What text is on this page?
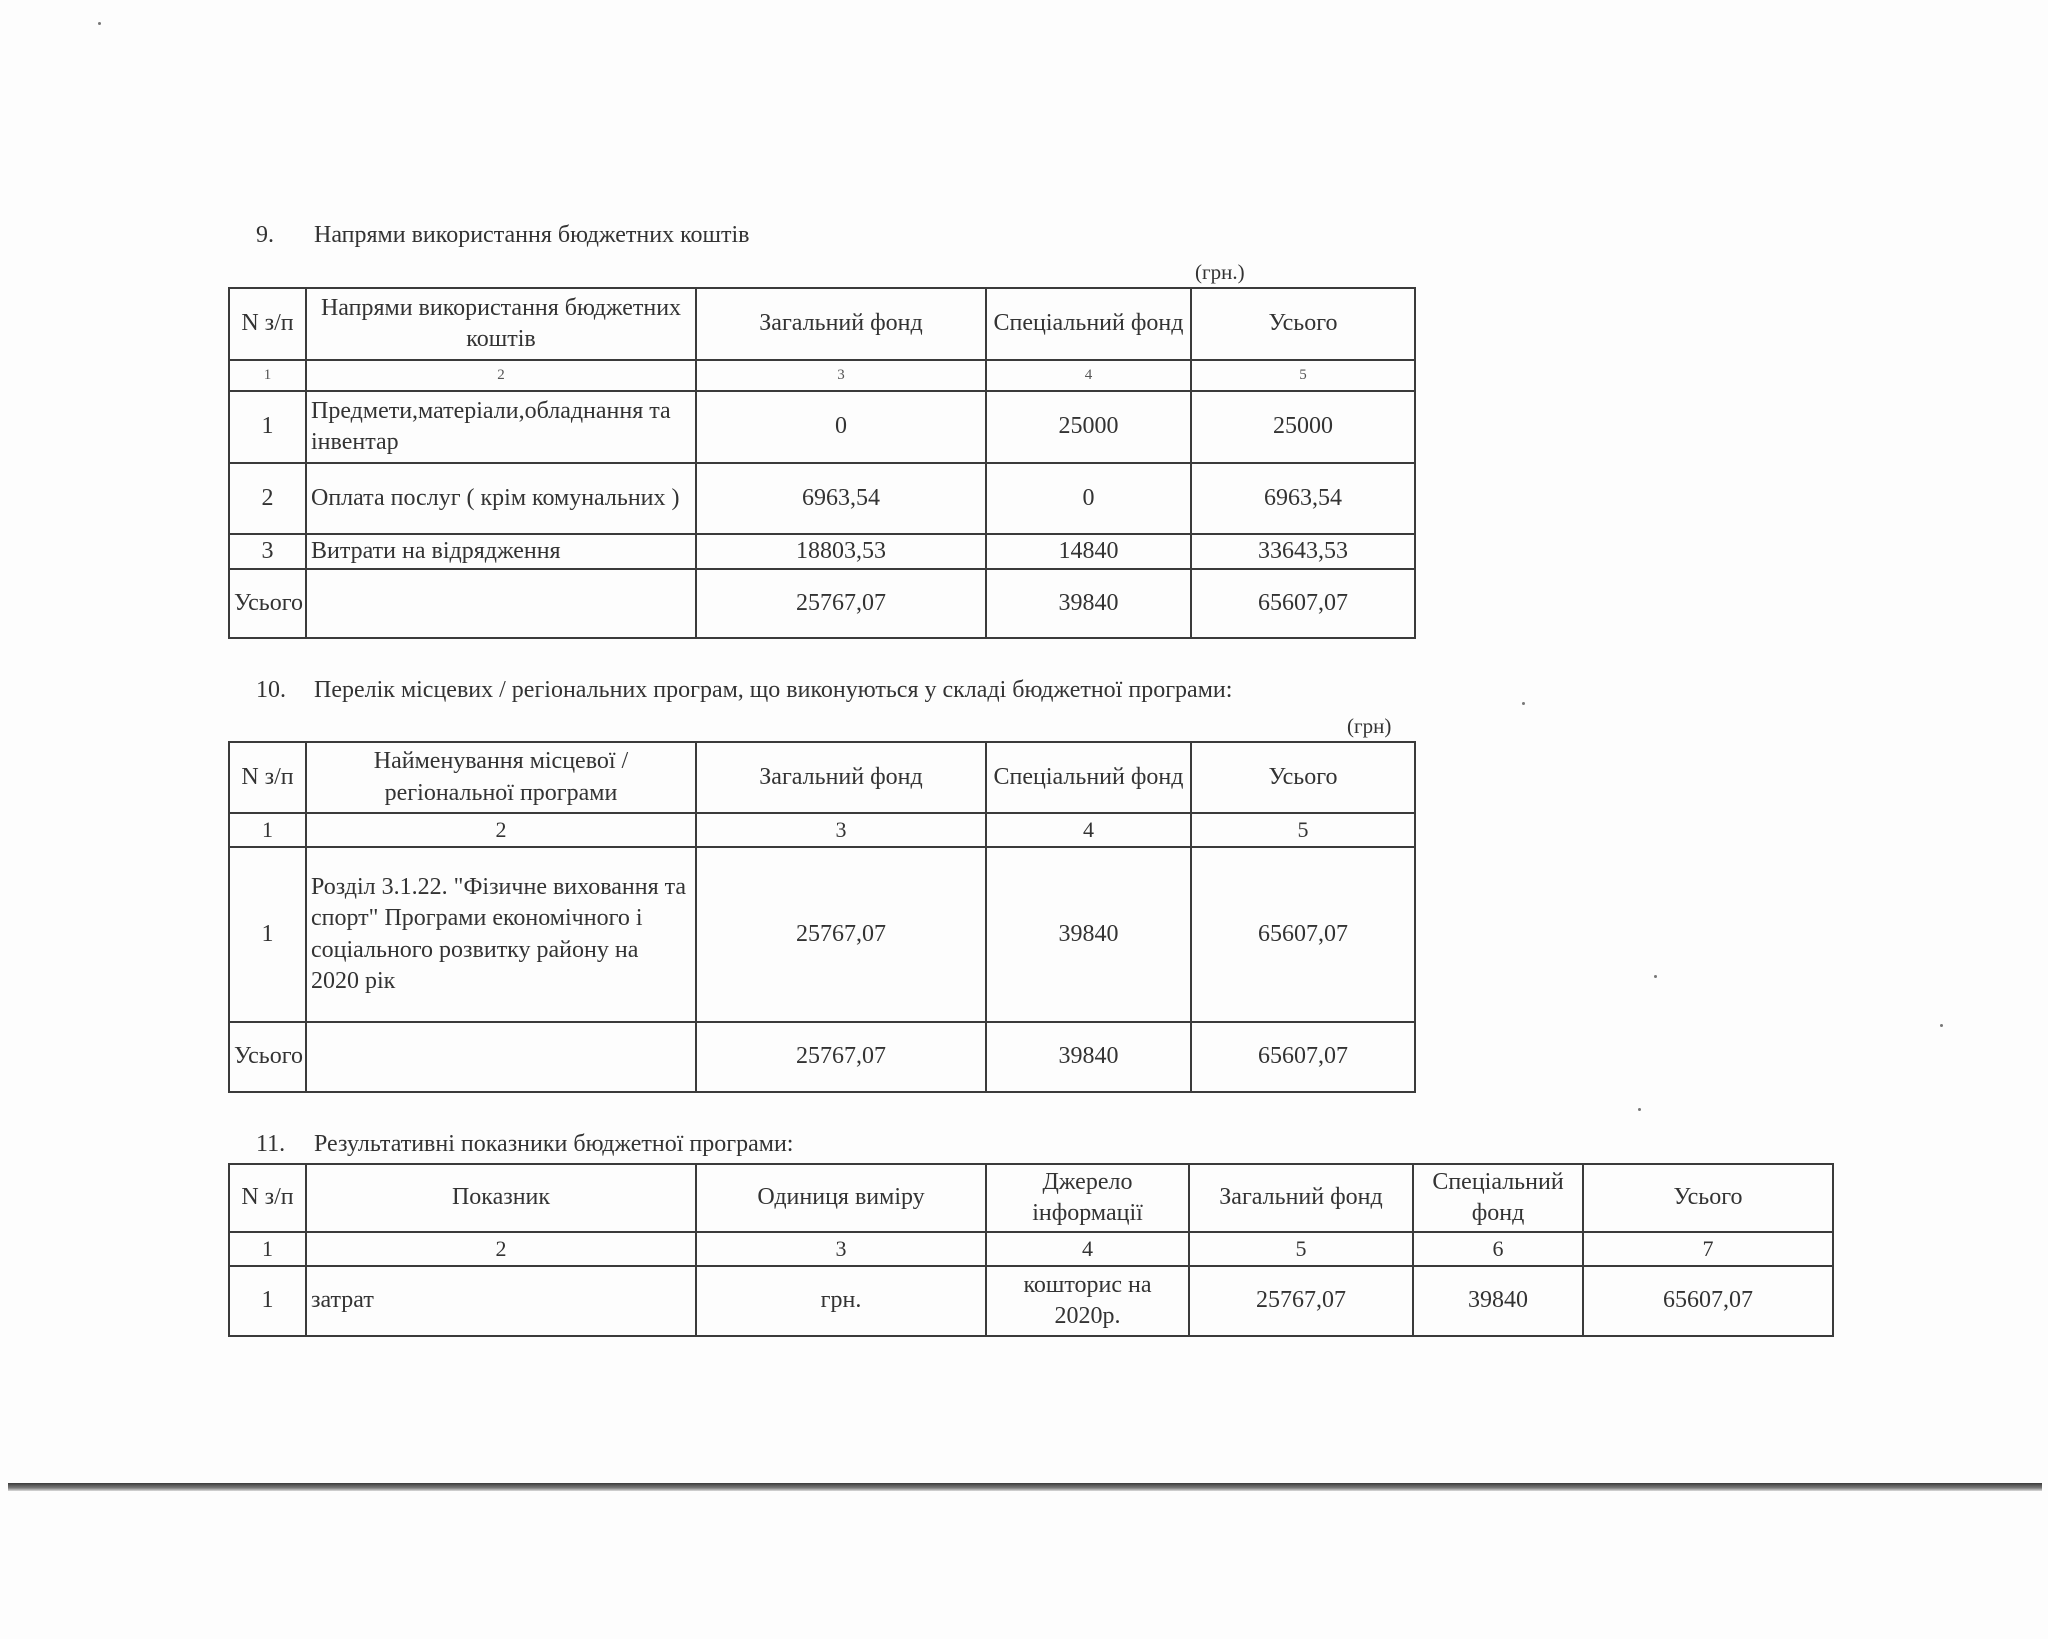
9. Напрями використання бюджетних коштів
(грн.)
N з/п	Напрями використання бюджетних коштів	Загальний фонд	Спеціальний фонд	Усього
1	2	3	4	5
1	Предмети,матеріали,обладнання та інвентар	0	25000	25000
2	Оплата послуг ( крім комунальних )	6963,54	0	6963,54
3	Витрати на відрядження	18803,53	14840	33643,53
Усього		25767,07	39840	65607,07
10. Перелік місцевих / регіональних програм, що виконуються у складі бюджетної програми:
(грн)
N з/п	Найменування місцевої / регіональної програми	Загальний фонд	Спеціальний фонд	Усього
1	2	3	4	5
1	Розділ 3.1.22. "Фізичне виховання та спорт" Програми економічного і соціального розвитку району на 2020 рік	25767,07	39840	65607,07
Усього		25767,07	39840	65607,07
11. Результативні показники бюджетної програми:
N з/п	Показник	Одиниця виміру	Джерело інформації	Загальний фонд	Спеціальний фонд	Усього
1	2	3	4	5	6	7
1	затрат	грн.	кошторис на 2020р.	25767,07	39840	65607,07
